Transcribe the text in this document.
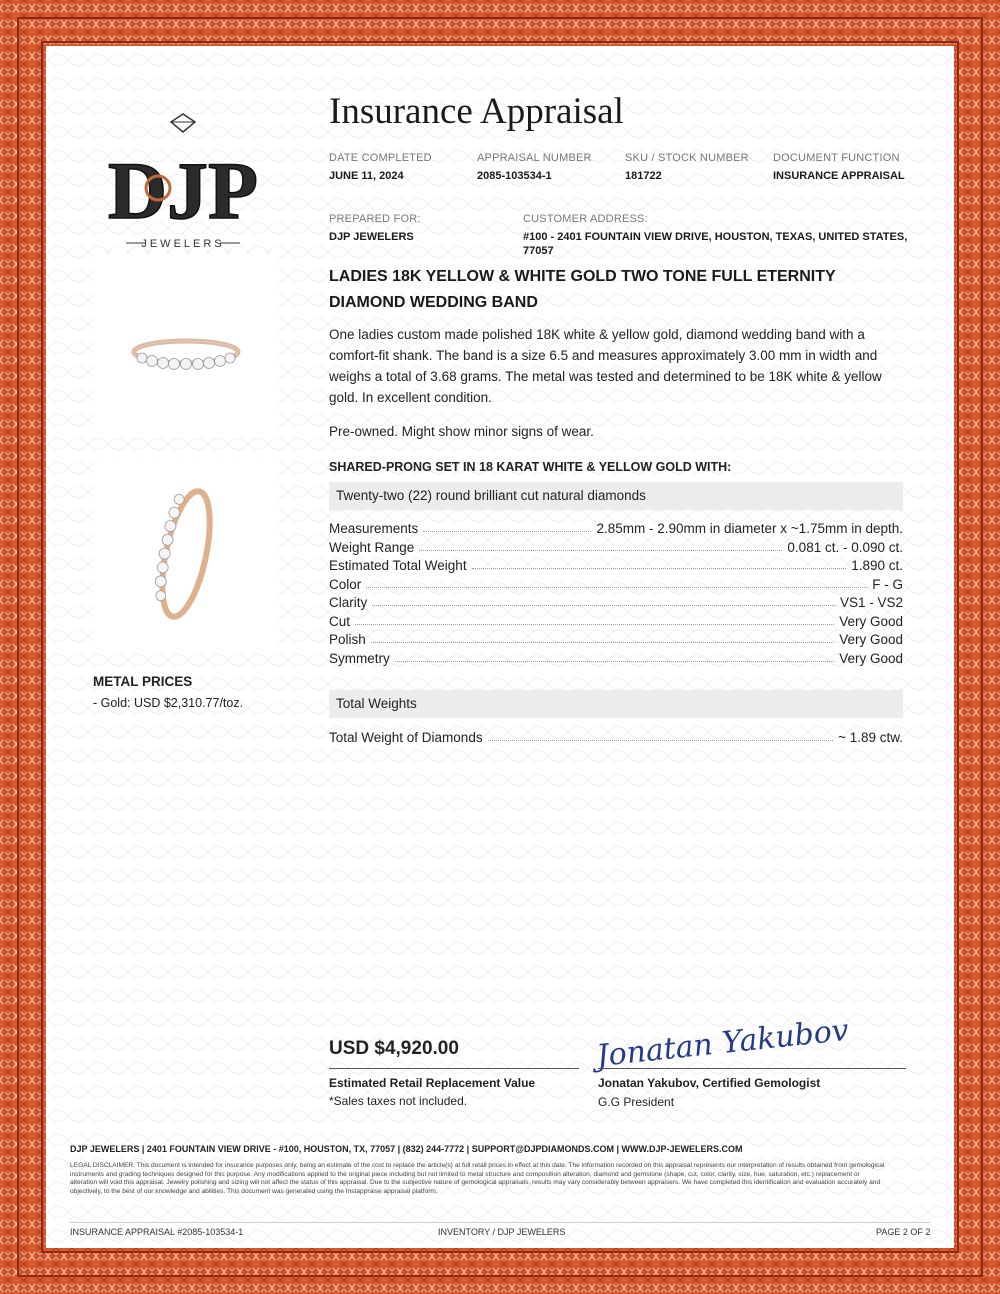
DJP
JEWELERS
Insurance Appraisal
DATE COMPLETED
JUNE 11, 2024
APPRAISAL NUMBER
2085-103534-1
SKU / STOCK NUMBER
181722
DOCUMENT FUNCTION
INSURANCE APPRAISAL
PREPARED FOR:
DJP JEWELERS
CUSTOMER ADDRESS:
#100 - 2401 FOUNTAIN VIEW DRIVE, HOUSTON, TEXAS, UNITED STATES,
77057
LADIES 18K YELLOW & WHITE GOLD TWO TONE FULL ETERNITY
DIAMOND WEDDING BAND
One ladies custom made polished 18K white & yellow gold, diamond wedding band with a
comfort-fit shank. The band is a size 6.5 and measures approximately 3.00 mm in width and
weighs a total of 3.68 grams. The metal was tested and determined to be 18K white & yellow
gold. In excellent condition.
Pre-owned. Might show minor signs of wear.
SHARED-PRONG SET IN 18 KARAT WHITE & YELLOW GOLD WITH:
Twenty-two (22) round brilliant cut natural diamonds
Measurements	2.85mm - 2.90mm in diameter x ~1.75mm in depth.
Weight Range	0.081 ct. - 0.090 ct.
Estimated Total Weight	1.890 ct.
Color	F - G
Clarity	VS1 - VS2
Cut	Very Good
Polish	Very Good
Symmetry	Very Good
Total Weights
Total Weight of Diamonds	~ 1.89 ctw.
METAL PRICES
- Gold: USD $2,310.77/toz.
USD $4,920.00
Estimated Retail Replacement Value
*Sales taxes not included.
Jonatan Yakubov
Jonatan Yakubov, Certified Gemologist
G.G President
DJP JEWELERS | 2401 FOUNTAIN VIEW DRIVE - #100, HOUSTON, TX, 77057 | (832) 244-7772 | SUPPORT@DJPDIAMONDS.COM | WWW.DJP-JEWELERS.COM
LEGAL DISCLAIMER: This document is intended for insurance purposes only, being an estimate of the cost to replace the article(s) at full retail prices in effect at this date. The information recorded on this appraisal represents our interpretation of results obtained from gemological
instruments and grading techniques designed for this purpose. Any modifications applied to the original piece including but not limited to metal structure and composition alteration, diamond and gemstone (shape, cut, color, clarity, size, hue, saturation, etc.) replacement or
alteration will void this appraisal. Jewelry polishing and sizing will not affect the status of this appraisal. Due to the subjective nature of gemological appraisals, results may vary considerably between appraisers. We have completed this identification and evaluation accurately and
objectively, to the best of our knowledge and abilities. This document was generated using the Instappraise appraisal platform.
INSURANCE APPRAISAL #2085-103534-1	INVENTORY / DJP JEWELERS	PAGE 2 OF 2
